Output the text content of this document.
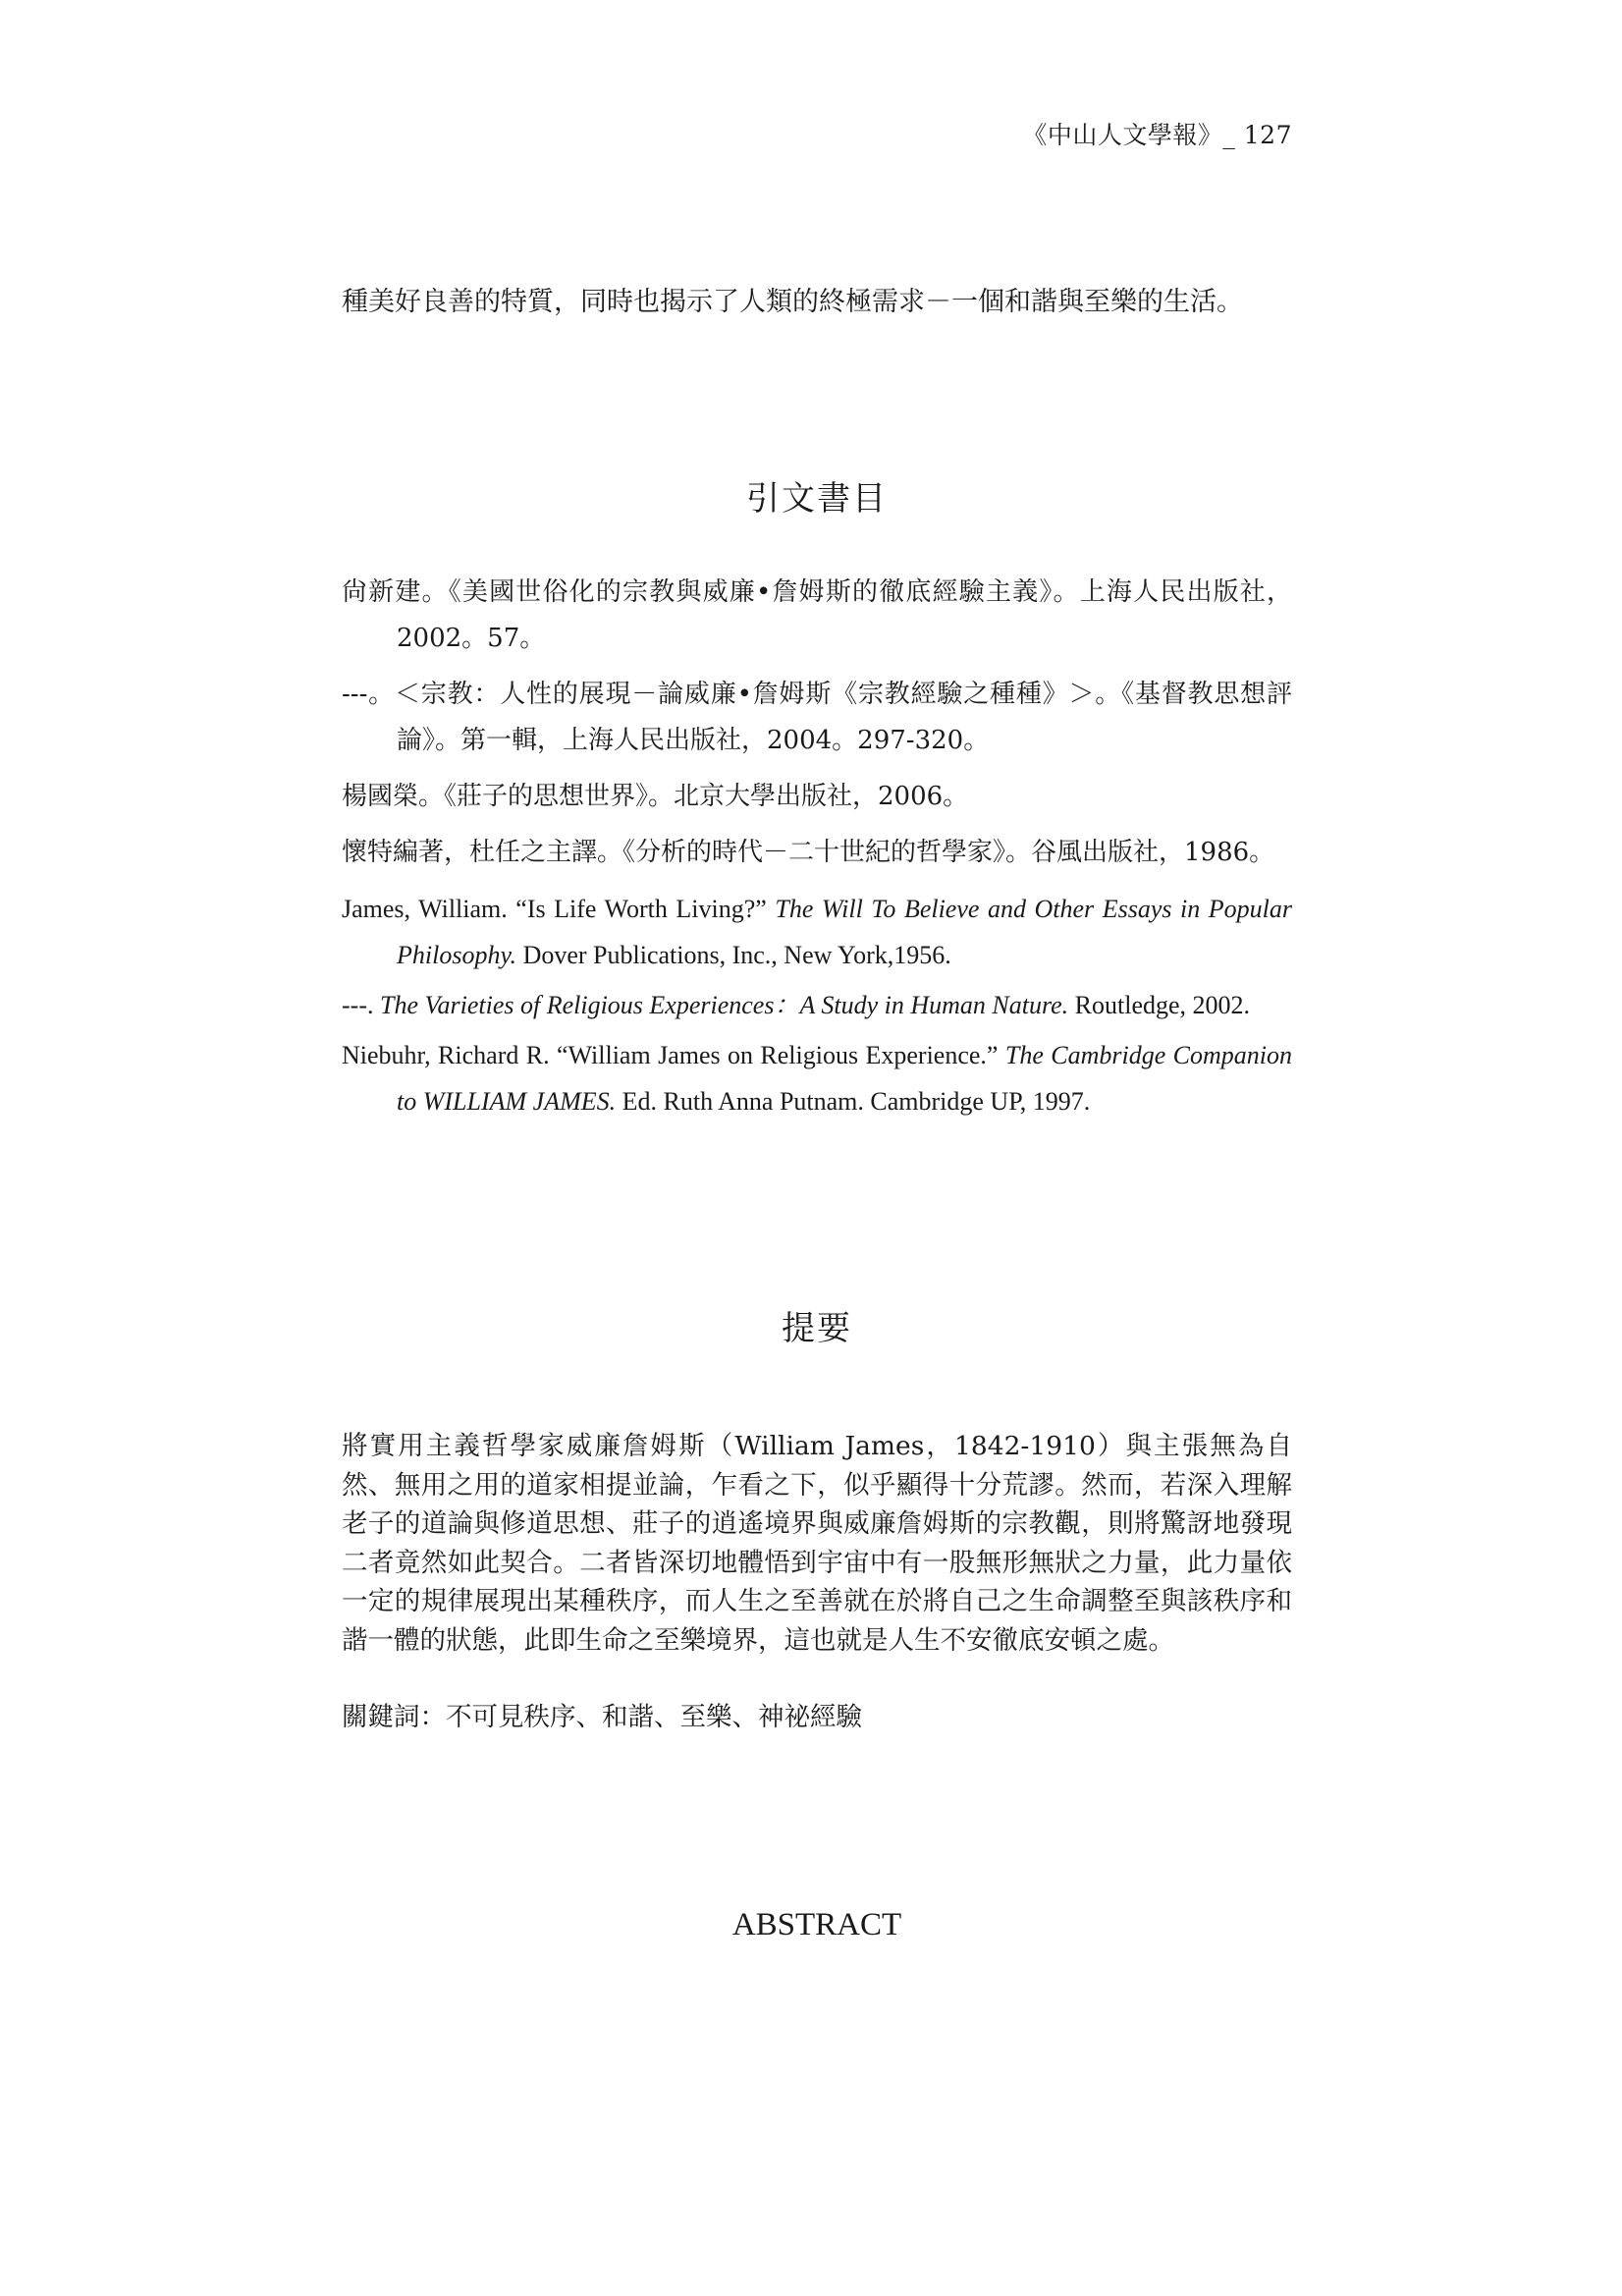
《中山人文學報》_ 127
種美好良善的特質，同時也揭示了人類的終極需求－一個和諧與至樂的生活。
引文書目
尙新建。《美國世俗化的宗教與威廉•詹姆斯的徹底經驗主義》。上海人民出版社，2002。57。
---。＜宗教：人性的展現－論威廉•詹姆斯《宗教經驗之種種》＞。《基督教思想評論》。第一輯，上海人民出版社，2004。297-320。
楊國榮。《莊子的思想世界》。北京大學出版社，2006。
懷特編著，杜任之主譯。《分析的時代－二十世紀的哲學家》。谷風出版社，1986。
James, William. “Is Life Worth Living?” The Will To Believe and Other Essays in Popular Philosophy. Dover Publications, Inc., New York,1956.
---. The Varieties of Religious Experiences：A Study in Human Nature. Routledge, 2002.
Niebuhr, Richard R. “William James on Religious Experience.” The Cambridge Companion to WILLIAM JAMES. Ed. Ruth Anna Putnam. Cambridge UP, 1997.
提要

將實用主義哲學家威廉詹姆斯（William James，1842-1910）與主張無為自然、無用之用的道家相提並論，乍看之下，似乎顯得十分荒謬。然而，若深入理解老子的道論與修道思想、莊子的逍遙境界與威廉詹姆斯的宗教觀，則將驚訝地發現二者竟然如此契合。二者皆深切地體悟到宇宙中有一股無形無狀之力量，此力量依一定的規律展現出某種秩序，而人生之至善就在於將自己之生命調整至與該秩序和諧一體的狀態，此即生命之至樂境界，這也就是人生不安徹底安頓之處。

關鍵詞：不可見秩序、和諧、至樂、神祕經驗
ABSTRACT
